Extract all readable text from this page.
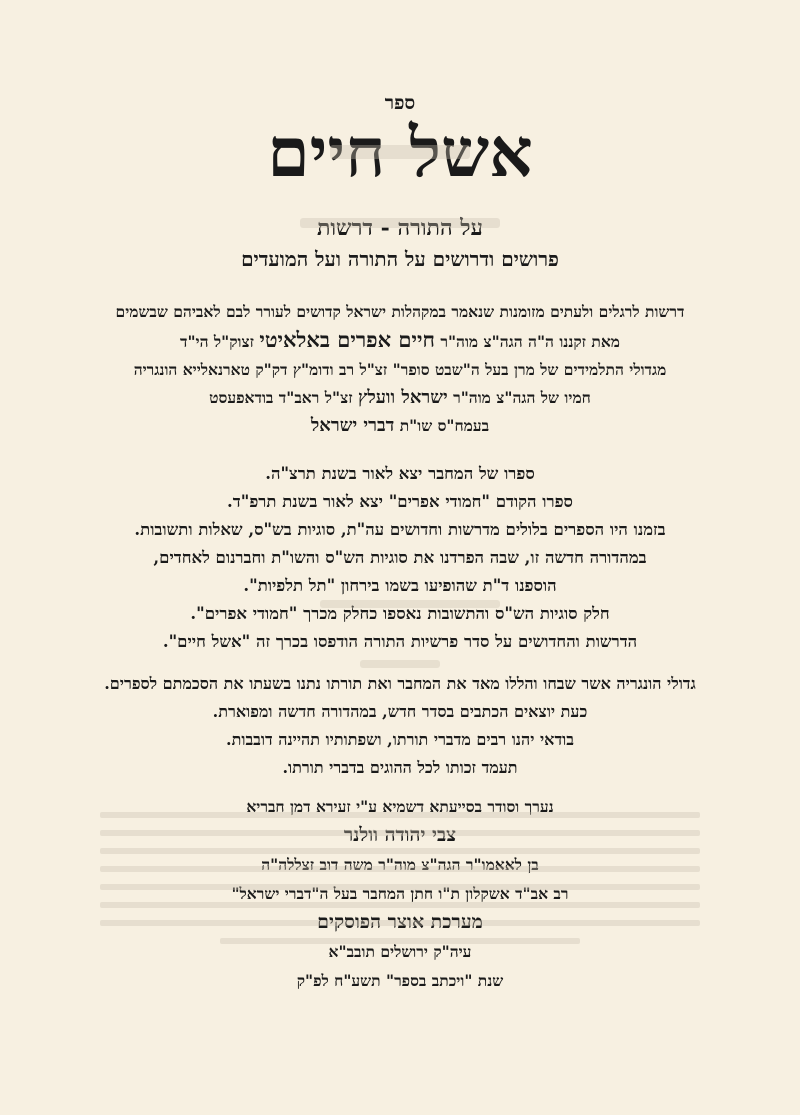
ספר

אשל חיים

על התורה - דרשות

פרושים ודרושים על התורה ועל המועדים

דרשות לרגלים ולעתים מזומנות שנאמר במקהלות ישראל קדושים לעורר לבם לאביהם שבשמים

מאת זקננו ה"ה הגה"צ מוה"ר חיים אפרים באלאיטי זצוק"ל הי"ד

מגדולי התלמידים של מרן בעל ה"שבט סופר" זצ"ל רב ודומ"ץ דק"ק טארנאלייא הונגריה

חמיו של הגה"צ מוה"ר ישראל וועלץ זצ"ל ראב"ד בודאפעסט

בעמח"ס שו"ת דברי ישראל

ספרו של המחבר יצא לאור בשנת תרצ"ה.

ספרו הקודם "חמודי אפרים" יצא לאור בשנת תרפ"ד.

בזמנו היו הספרים בלולים מדרשות וחדושים עה"ת, סוגיות בש"ס, שאלות ותשובות.

במהדורה חדשה זו, שבה הפרדנו את סוגיות הש"ס והשו"ת וחברנום לאחדים,

הוספנו ד"ת שהופיעו בשמו בירחון "תל תלפיות".

חלק סוגיות הש"ס והתשובות נאספו כחלק מכרך "חמודי אפרים".

הדרשות והחדושים על סדר פרשיות התורה הודפסו בכרך זה "אשל חיים".

גדולי הונגריה אשר שבחו והללו מאד את המחבר ואת תורתו נתנו בשעתו את הסכמתם לספרים.

כעת יוצאים הכתבים בסדר חדש, במהדורה חדשה ומפוארת.

בודאי יהנו רבים מדברי תורתו, ושפתותיו תהיינה דובבות.

תעמד זכותו לכל ההוגים בדברי תורתו.

נערך וסודר בסייעתא דשמיא ע"י זעירא דמן חבריא

צבי יהודה וולנר

בן לאאמו"ר הגה"צ מוה"ר משה דוב זצללה"ה

רב אב"ד אשקלון ת"ו חתן המחבר בעל ה"דברי ישראל"

מערכת אוצר הפוסקים

עיה"ק ירושלים תובב"א

שנת "ויכתב בספר" תשע"ח לפ"ק
